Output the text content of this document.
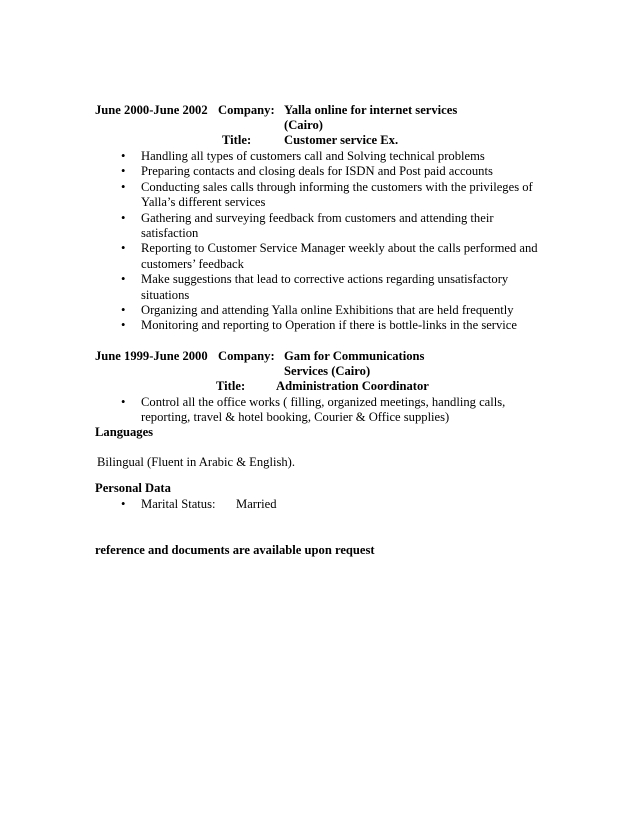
June 2000-June 2002 Company: Yalla online for internet services
(Cairo)
Title:	Customer service Ex.
• Handling all types of customers call and Solving technical problems
• Preparing contacts and closing deals for ISDN and Post paid accounts
• Conducting sales calls through informing the customers with the privileges of Yalla’s different services
• Gathering and surveying feedback from customers and attending their satisfaction
• Reporting to Customer Service Manager weekly about the calls performed and customers’ feedback
• Make suggestions that lead to corrective actions regarding unsatisfactory situations
• Organizing and attending Yalla online Exhibitions that are held frequently
• Monitoring and reporting to Operation if there is bottle-links in the service
June 1999-June 2000 Company: Gam for Communications
Services (Cairo)
Title: Administration Coordinator
• Control all the office works ( filling, organized meetings, handling calls, reporting, travel & hotel booking, Courier & Office supplies)
Languages
Bilingual (Fluent in Arabic & English).
Personal Data
• Marital Status: Married
reference and documents are available upon request
